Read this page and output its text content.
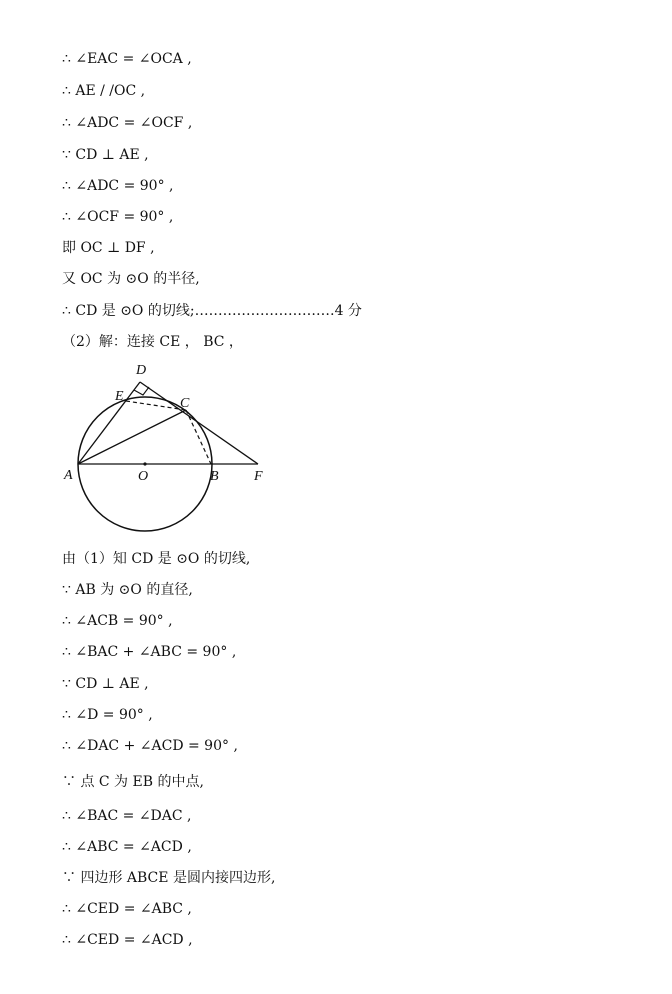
∴ ∠EAC = ∠OCA ,
∴ AE / /OC ,
∴ ∠ADC = ∠OCF ,
∵ CD ⊥ AE ,
∴ ∠ADC = 90° ,
∴ ∠OCF = 90° ,
即 OC ⊥ DF ,
又 OC 为 ⊙O 的半径,
∴ CD 是 ⊙O 的切线;…………………………4 分
（2）解：连接 CE ， BC ，
D
E	C
A	O	B	F
由（1）知 CD 是 ⊙O 的切线,
∵ AB 为 ⊙O 的直径,
∴ ∠ACB = 90° ,
∴ ∠BAC + ∠ABC = 90° ,
∵ CD ⊥ AE ,
∴ ∠D = 90° ,
∴ ∠DAC + ∠ACD = 90° ,
∵ 点 C 为 EB 的中点,
∴ ∠BAC = ∠DAC ,
∴ ∠ABC = ∠ACD ,
∵ 四边形 ABCE 是圆内接四边形,
∴ ∠CED = ∠ABC ,
∴ ∠CED = ∠ACD ,
